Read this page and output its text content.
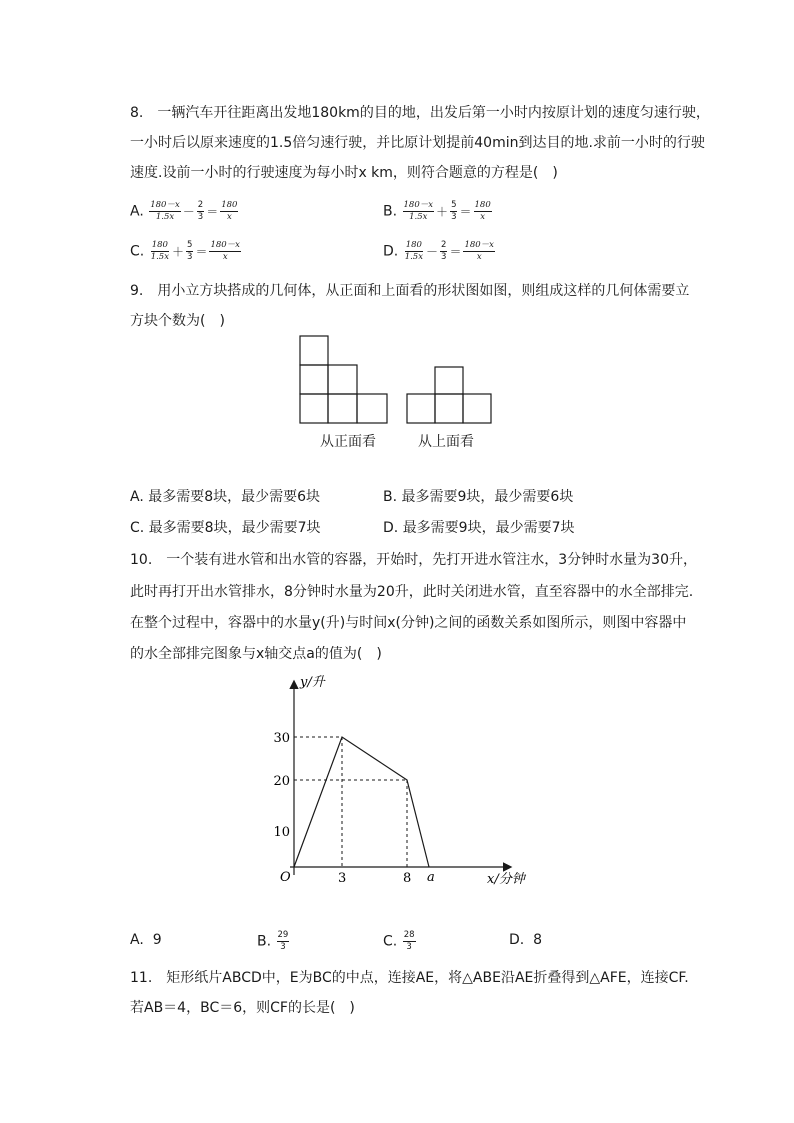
8.　一辆汽车开往距离出发地180km的目的地，出发后第一小时内按原计划的速度匀速行驶，
一小时后以原来速度的1.5倍匀速行驶，并比原计划提前40min到达目的地.求前一小时的行驶
速度.设前一小时的行驶速度为每小时x km，则符合题意的方程是(　)
A. $\frac{180-x}{1.5x} - \frac{2}{3} = \frac{180}{x}$	B. $\frac{180-x}{1.5x} + \frac{5}{3} = \frac{180}{x}$
C. $\frac{180}{1.5x} + \frac{5}{3} = \frac{180-x}{x}$	D. $\frac{180}{1.5x} - \frac{2}{3} = \frac{180-x}{x}$
9.　用小立方块搭成的几何体，从正面和上面看的形状图如图，则组成这样的几何体需要立
方块个数为(　)
从正面看	从上面看
A. 最多需要8块，最少需要6块	B. 最多需要9块，最少需要6块
C. 最多需要8块，最少需要7块	D. 最多需要9块，最少需要7块
10.　一个装有进水管和出水管的容器，开始时，先打开进水管注水，3分钟时水量为30升，
此时再打开出水管排水，8分钟时水量为20升，此时关闭进水管，直至容器中的水全部排完.
在整个过程中，容器中的水量y(升)与时间x(分钟)之间的函数关系如图所示，则图中容器中
的水全部排完图象与x轴交点a的值为(　)
y/升
x/分钟
O
30
20
10
3	8 a
A. 9	B. $\frac{29}{3}$	C. $\frac{28}{3}$	D. 8
11.　矩形纸片ABCD中，E为BC的中点，连接AE，将△ABE沿AE折叠得到△AFE，连接CF.
若AB＝4，BC＝6，则CF的长是(　)
